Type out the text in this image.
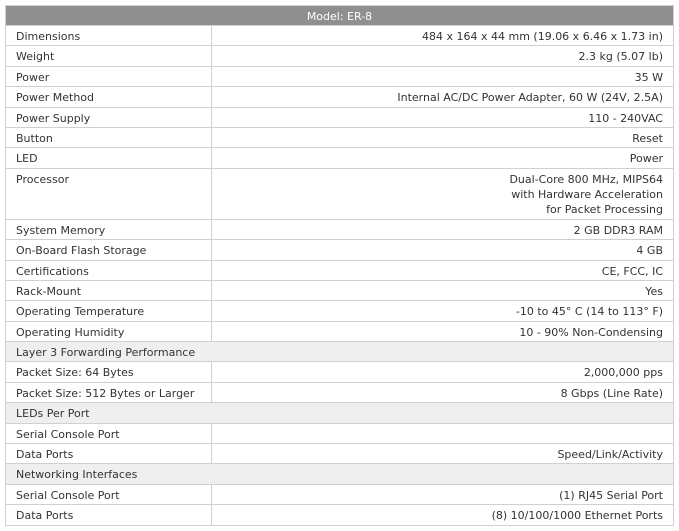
Model: ER-8	
Dimensions	484 x 164 x 44 mm (19.06 x 6.46 x 1.73 in)
Weight	2.3 kg (5.07 lb)
Power	35 W
Power Method	Internal AC/DC Power Adapter, 60 W (24V, 2.5A)
Power Supply	110 - 240VAC
Button	Reset
LED	Power
Processor	Dual-Core 800 MHz, MIPS64
with Hardware Acceleration
for Packet Processing

System Memory	2 GB DDR3 RAM
On-Board Flash Storage	4 GB
Certifications	CE, FCC, IC
Rack-Mount	Yes
Operating Temperature	-10 to 45° C (14 to 113° F)
Operating Humidity	10 - 90% Non-Condensing
Layer 3 Forwarding Performance	
Packet Size: 64 Bytes	2,000,000 pps
Packet Size: 512 Bytes or Larger	8 Gbps (Line Rate)
LEDs Per Port	
Serial Console Port	
Data Ports	Speed/Link/Activity
Networking Interfaces	
Serial Console Port	(1) RJ45 Serial Port
Data Ports	(8) 10/100/1000 Ethernet Ports
